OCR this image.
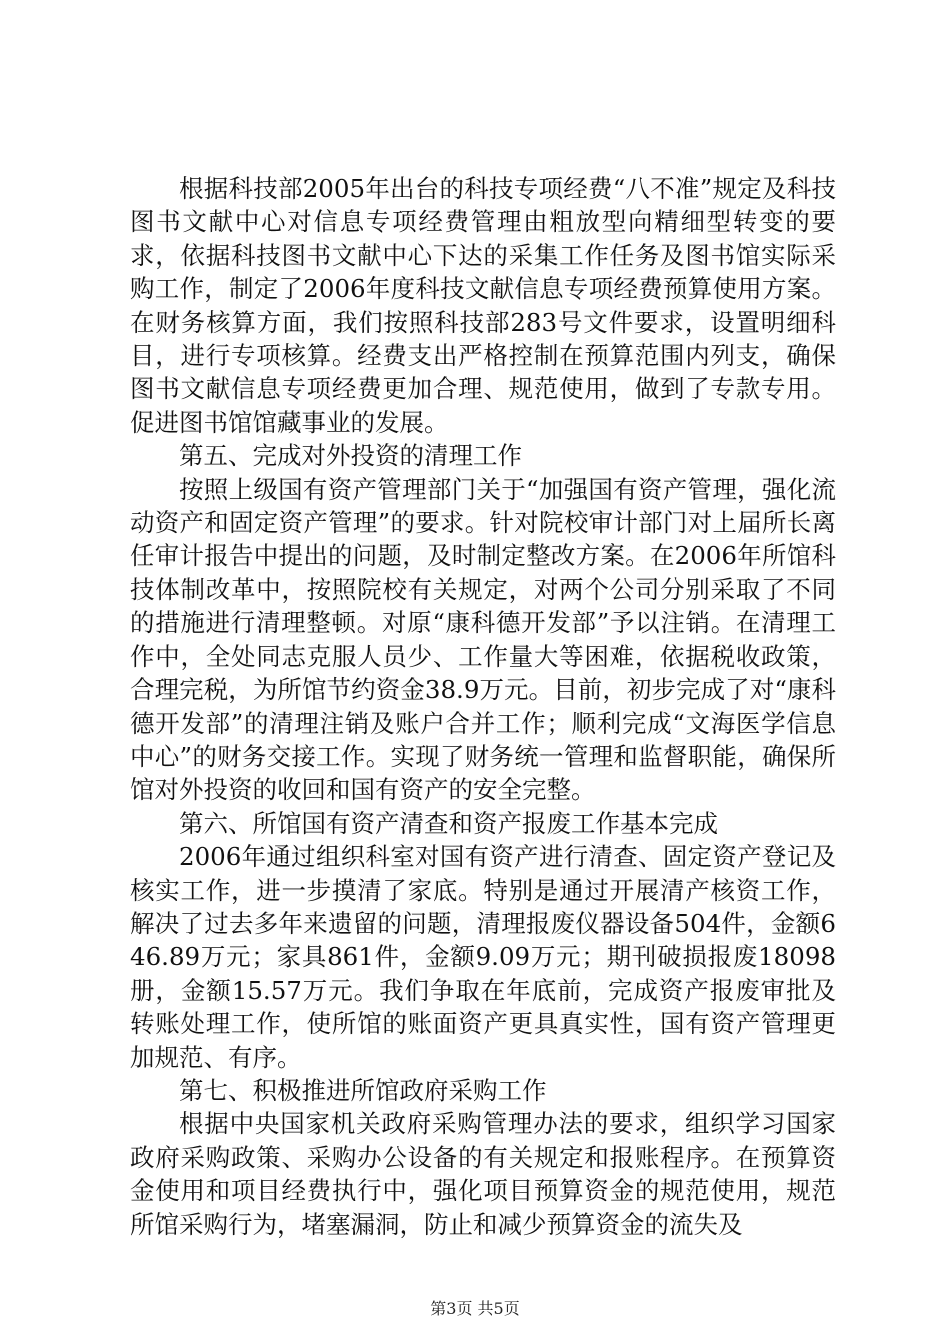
根据科技部2005年出台的科技专项经费“八不准”规定及科技图书文献中心对信息专项经费管理由粗放型向精细型转变的要求，依据科技图书文献中心下达的采集工作任务及图书馆实际采购工作，制定了2006年度科技文献信息专项经费预算使用方案。在财务核算方面，我们按照科技部283号文件要求，设置明细科目，进行专项核算。经费支出严格控制在预算范围内列支，确保图书文献信息专项经费更加合理、规范使用，做到了专款专用。促进图书馆馆藏事业的发展。

第五、完成对外投资的清理工作

按照上级国有资产管理部门关于“加强国有资产管理，强化流动资产和固定资产管理”的要求。针对院校审计部门对上届所长离任审计报告中提出的问题，及时制定整改方案。在2006年所馆科技体制改革中，按照院校有关规定，对两个公司分别采取了不同的措施进行清理整顿。对原“康科德开发部”予以注销。在清理工作中，全处同志克服人员少、工作量大等困难，依据税收政策，合理完税，为所馆节约资金38.9万元。目前，初步完成了对“康科德开发部”的清理注销及账户合并工作；顺利完成“文海医学信息中心”的财务交接工作。实现了财务统一管理和监督职能，确保所馆对外投资的收回和国有资产的安全完整。

第六、所馆国有资产清查和资产报废工作基本完成

2006年通过组织科室对国有资产进行清查、固定资产登记及核实工作，进一步摸清了家底。特别是通过开展清产核资工作，解决了过去多年来遗留的问题，清理报废仪器设备504件，金额646.89万元；家具861件，金额9.09万元；期刊破损报废18098册，金额15.57万元。我们争取在年底前，完成资产报废审批及转账处理工作，使所馆的账面资产更具真实性，国有资产管理更加规范、有序。

第七、积极推进所馆政府采购工作

根据中央国家机关政府采购管理办法的要求，组织学习国家政府采购政策、采购办公设备的有关规定和报账程序。在预算资金使用和项目经费执行中，强化项目预算资金的规范使用，规范所馆采购行为，堵塞漏洞，防止和减少预算资金的流失及

第3页 共5页
